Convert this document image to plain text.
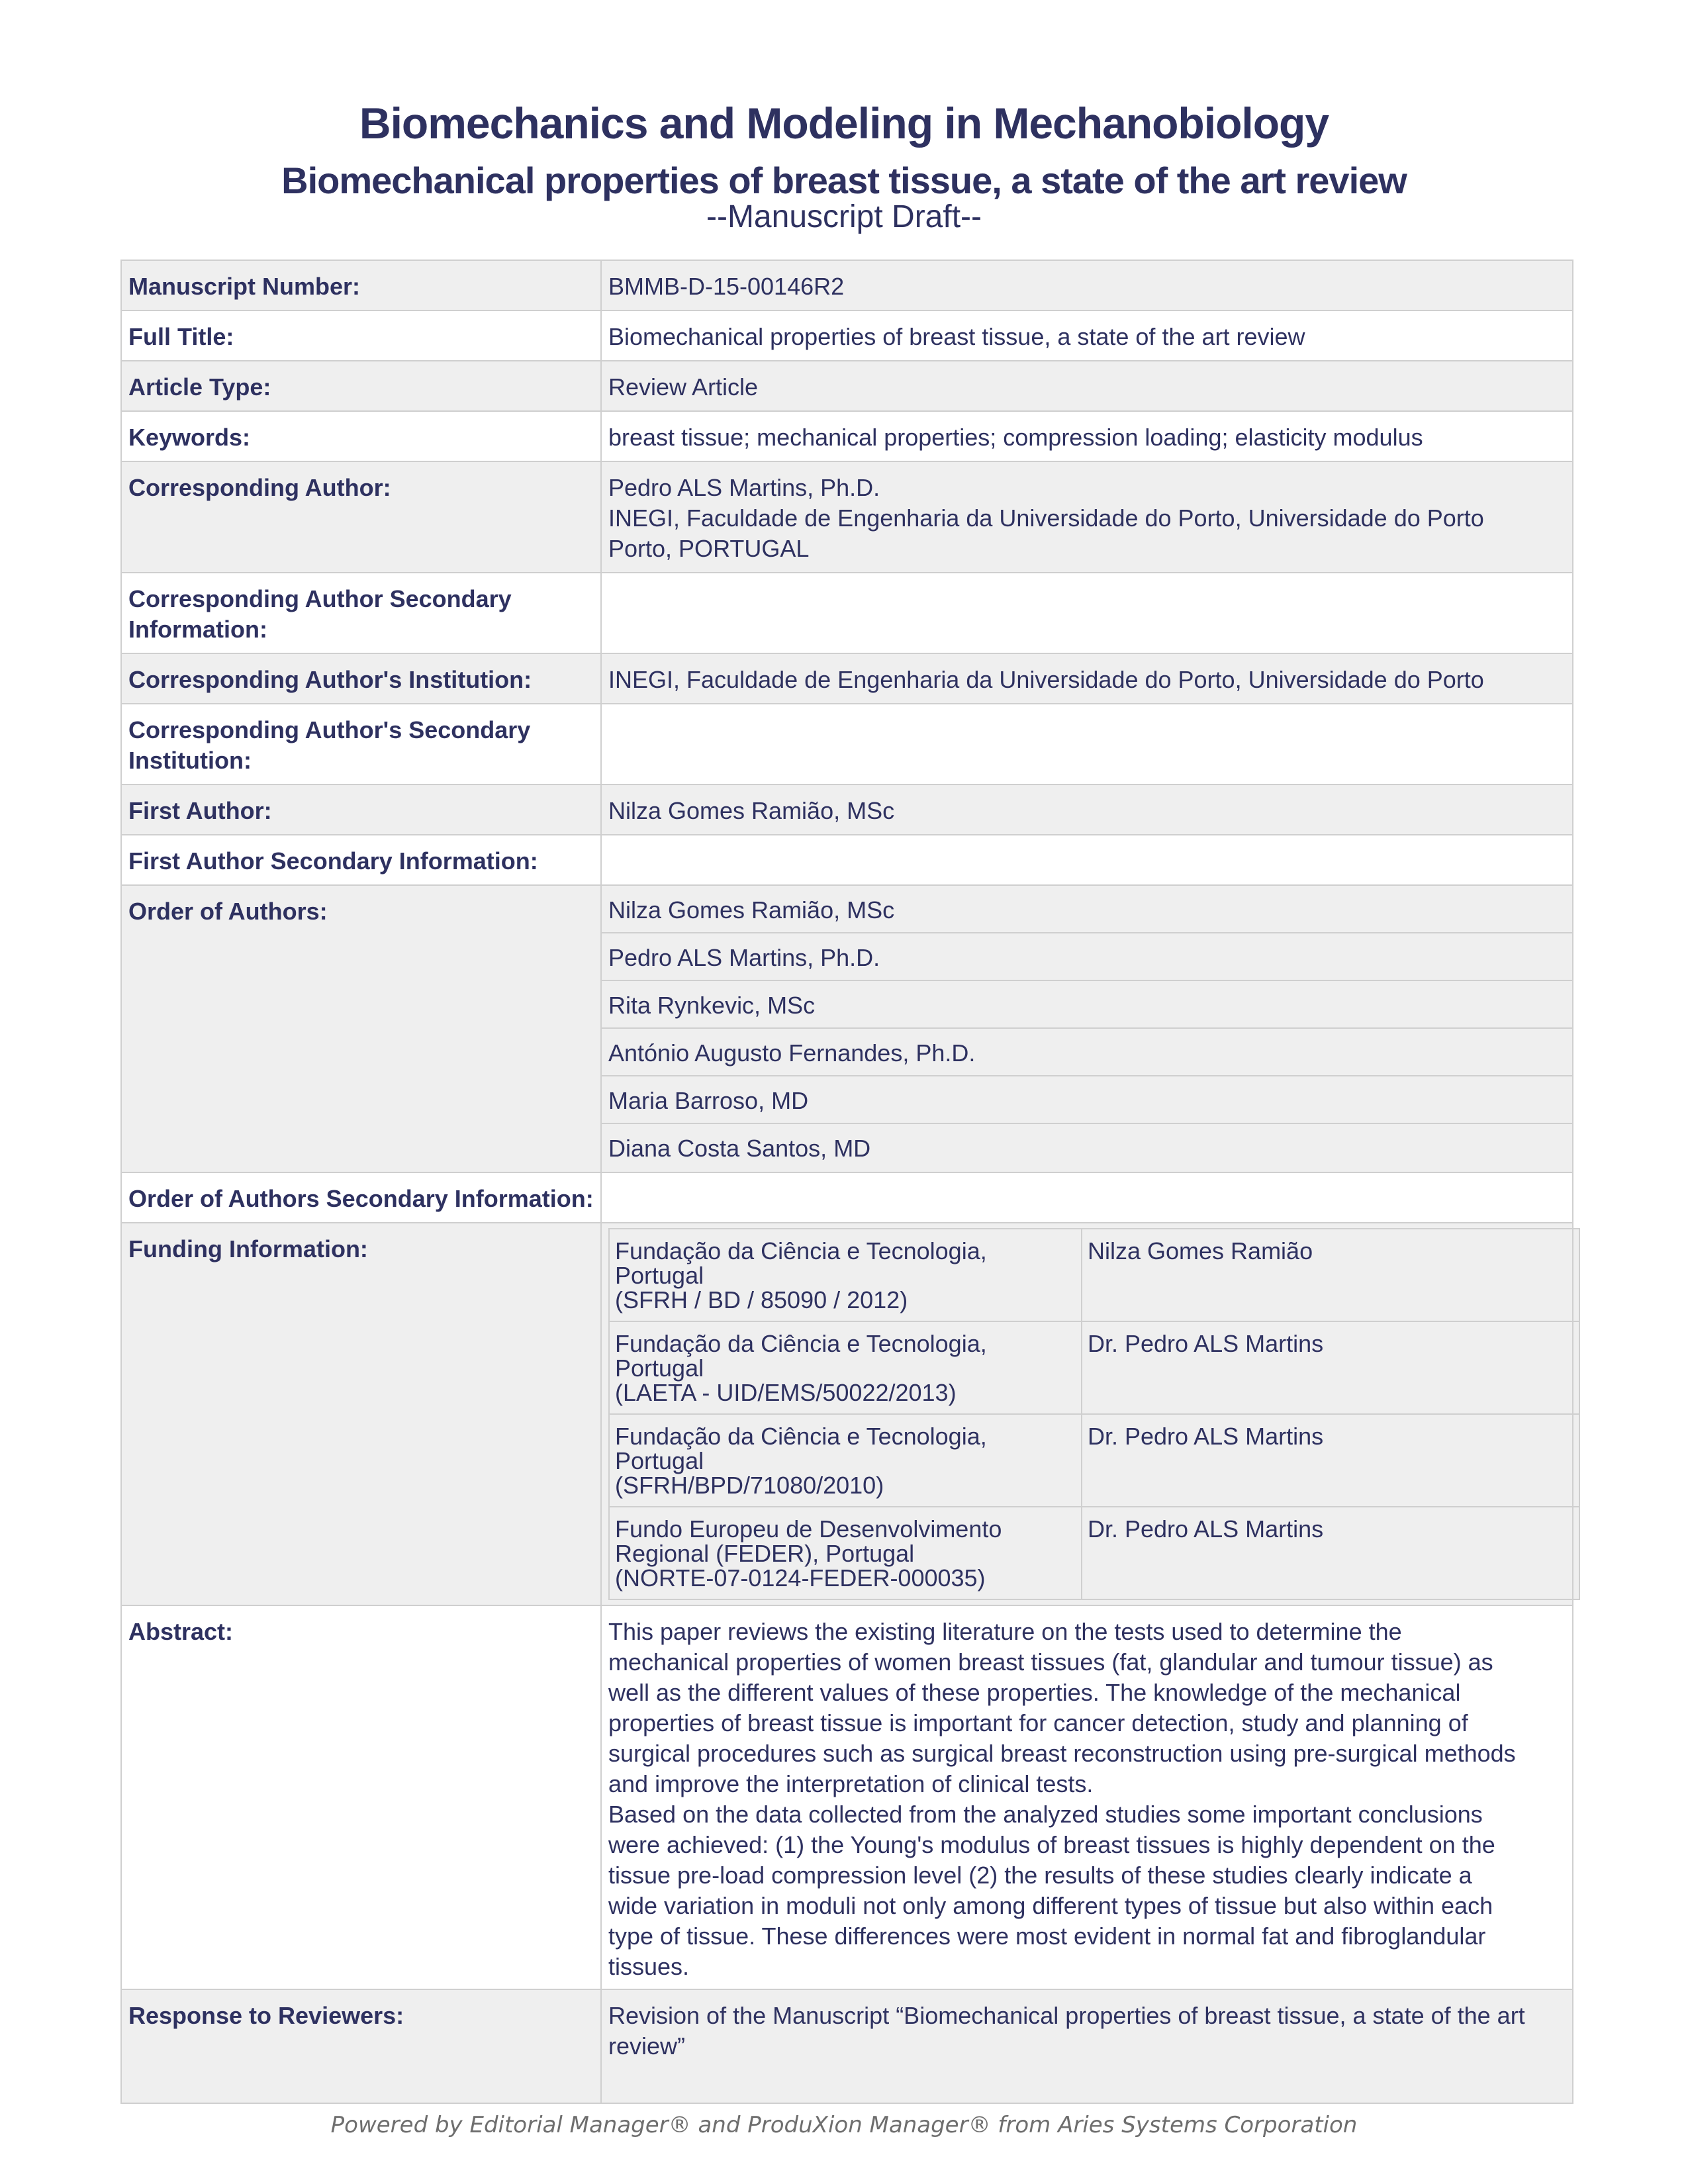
Biomechanics and Modeling in Mechanobiology
Biomechanical properties of breast tissue, a state of the art review
--Manuscript Draft--
Manuscript Number:	BMMB-D-15-00146R2
Full Title:	Biomechanical properties of breast tissue, a state of the art review
Article Type:	Review Article
Keywords:	breast tissue; mechanical properties; compression loading; elasticity modulus
Corresponding Author:	Pedro ALS Martins, Ph.D.
INEGI, Faculdade de Engenharia da Universidade do Porto, Universidade do Porto
Porto, PORTUGAL

Corresponding Author Secondary
Information:

Corresponding Author's Institution:	INEGI, Faculdade de Engenharia da Universidade do Porto, Universidade do Porto

Corresponding Author's Secondary
Institution:

First Author:	Nilza Gomes Ramião, MSc
First Author Secondary Information:	
Order of Authors:	Nilza Gomes Ramião, MSc
Pedro ALS Martins, Ph.D.
Rita Rynkevic, MSc
António Augusto Fernandes, Ph.D.
Maria Barroso, MD
Diana Costa Santos, MD

Order of Authors Secondary Information:	
Funding Information:		Fundação da Ciência e Tecnologia,
Portugal
(SFRH / BD / 85090 / 2012)
	Nilza Gomes Ramião

Fundação da Ciência e Tecnologia,
Portugal
(LAETA - UID/EMS/50022/2013)
	Dr. Pedro ALS Martins

Fundação da Ciência e Tecnologia,
Portugal
(SFRH/BPD/71080/2010)
	Dr. Pedro ALS Martins

Fundo Europeu de Desenvolvimento
Regional (FEDER), Portugal
(NORTE-07-0124-FEDER-000035)
	Dr. Pedro ALS Martins

Abstract:	This paper reviews the existing literature on the tests used to determine the
mechanical properties of women breast tissues (fat, glandular and tumour tissue) as
well as the different values of these properties. The knowledge of the mechanical
properties of breast tissue is important for cancer detection, study and planning of
surgical procedures such as surgical breast reconstruction using pre-surgical methods
and improve the interpretation of clinical tests.
Based on the data collected from the analyzed studies some important conclusions
were achieved: (1) the Young's modulus of breast tissues is highly dependent on the
tissue pre-load compression level (2) the results of these studies clearly indicate a
wide variation in moduli not only among different types of tissue but also within each
type of tissue. These differences were most evident in normal fat and fibroglandular
tissues.

Response to Reviewers:	Revision of the Manuscript “Biomechanical properties of breast tissue, a state of the art
review”
Powered by Editorial Manager® and ProduXion Manager® from Aries Systems Corporation
